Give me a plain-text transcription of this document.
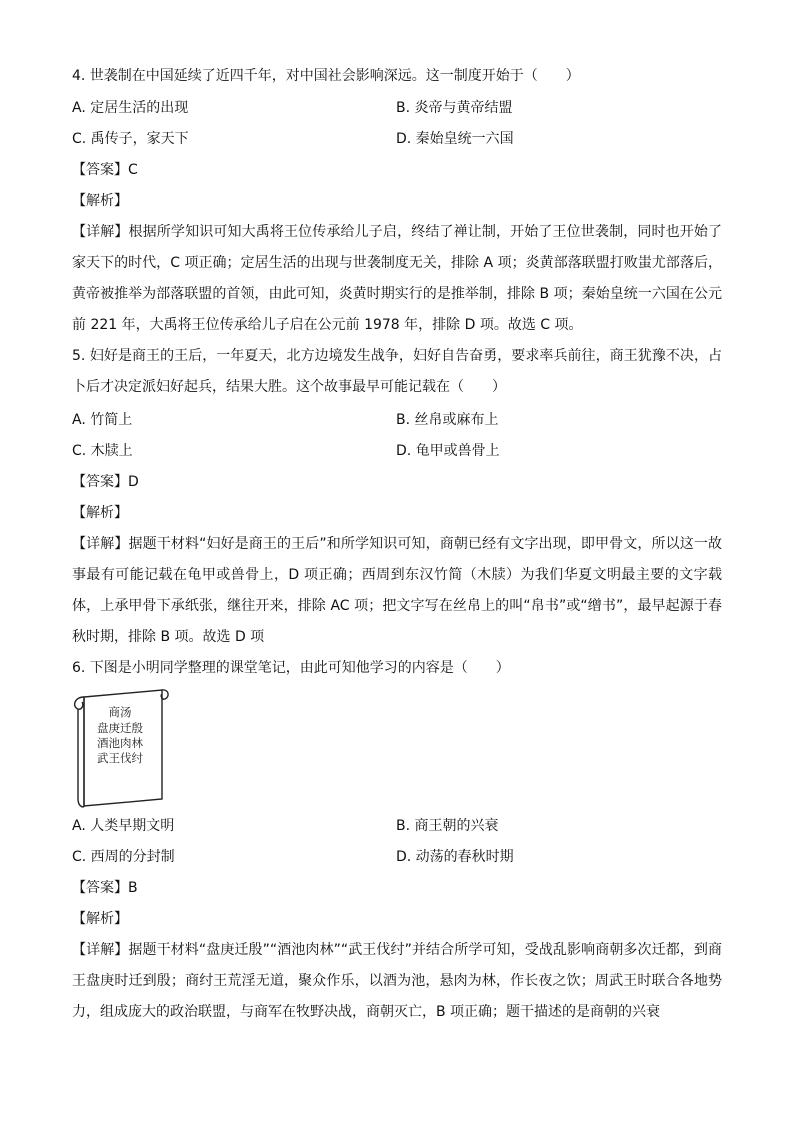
4. 世袭制在中国延续了近四千年，对中国社会影响深远。这一制度开始于（　　）
A. 定居生活的出现	B. 炎帝与黄帝结盟
C. 禹传子，家天下	D. 秦始皇统一六国
【答案】C
【解析】
【详解】根据所学知识可知大禹将王位传承给儿子启，终结了禅让制，开始了王位世袭制，同时也开始了家天下的时代，C 项正确；定居生活的出现与世袭制度无关，排除 A 项；炎黄部落联盟打败蚩尤部落后，黄帝被推举为部落联盟的首领，由此可知，炎黄时期实行的是推举制，排除 B 项；秦始皇统一六国在公元前 221 年，大禹将王位传承给儿子启在公元前 1978 年，排除 D 项。故选 C 项。
5. 妇好是商王的王后，一年夏天，北方边境发生战争，妇好自告奋勇，要求率兵前往，商王犹豫不决，占卜后才决定派妇好起兵，结果大胜。这个故事最早可能记载在（　　）
A. 竹简上	B. 丝帛或麻布上
C. 木牍上	D. 龟甲或兽骨上
【答案】D
【解析】
【详解】据题干材料“妇好是商王的王后”和所学知识可知，商朝已经有文字出现，即甲骨文，所以这一故事最有可能记载在龟甲或兽骨上，D 项正确；西周到东汉竹简（木牍）为我们华夏文明最主要的文字载体，上承甲骨下承纸张，继往开来，排除 AC 项；把文字写在丝帛上的叫“帛书”或“缯书”，最早起源于春秋时期，排除 B 项。故选 D 项
6. 下图是小明同学整理的课堂笔记，由此可知他学习的内容是（　　）
商汤
盘庚迁殷
酒池肉林
武王伐纣
A. 人类早期文明	B. 商王朝的兴衰
C. 西周的分封制	D. 动荡的春秋时期
【答案】B
【解析】
【详解】据题干材料“盘庚迁殷”“酒池肉林”“武王伐纣”并结合所学可知，受战乱影响商朝多次迁都，到商王盘庚时迁到殷；商纣王荒淫无道，聚众作乐，以酒为池，悬肉为林，作长夜之饮；周武王时联合各地势力，组成庞大的政治联盟，与商军在牧野决战，商朝灭亡，B 项正确；题干描述的是商朝的兴衰
